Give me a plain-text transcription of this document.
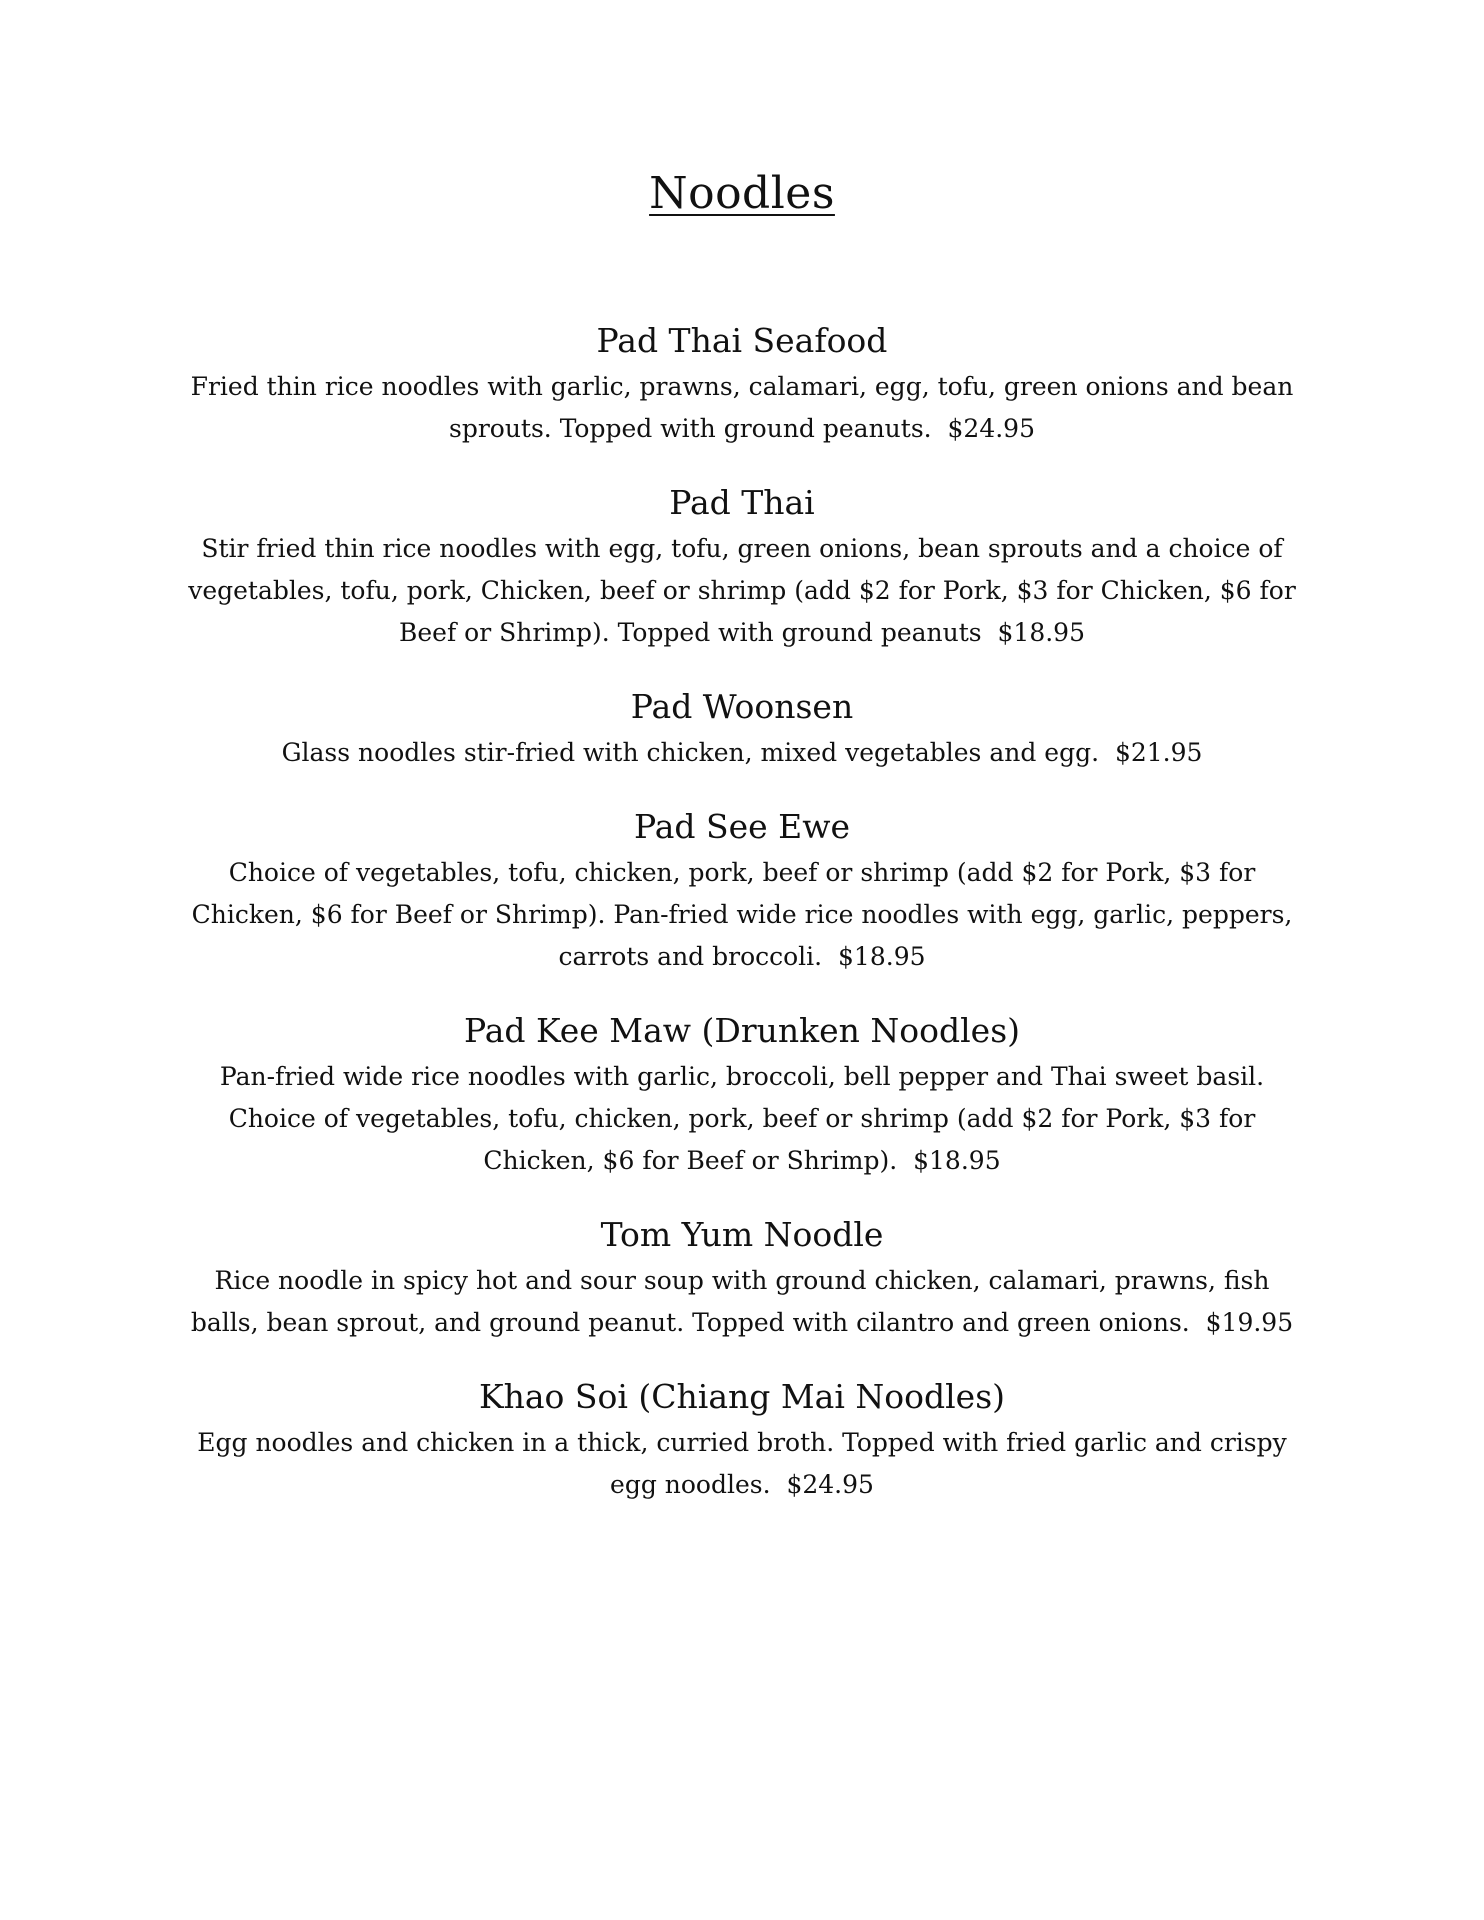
Noodles
Pad Thai Seafood
Fried thin rice noodles with garlic, prawns, calamari, egg, tofu, green onions and bean sprouts. Topped with ground peanuts. $24.95
Pad Thai
Stir fried thin rice noodles with egg, tofu, green onions, bean sprouts and a choice of vegetables, tofu, pork, Chicken, beef or shrimp (add $2 for Pork, $3 for Chicken, $6 for Beef or Shrimp). Topped with ground peanuts $18.95
Pad Woonsen
Glass noodles stir-fried with chicken, mixed vegetables and egg. $21.95
Pad See Ewe
Choice of vegetables, tofu, chicken, pork, beef or shrimp (add $2 for Pork, $3 for Chicken, $6 for Beef or Shrimp). Pan-fried wide rice noodles with egg, garlic, peppers, carrots and broccoli. $18.95
Pad Kee Maw (Drunken Noodles)
Pan-fried wide rice noodles with garlic, broccoli, bell pepper and Thai sweet basil. Choice of vegetables, tofu, chicken, pork, beef or shrimp (add $2 for Pork, $3 for Chicken, $6 for Beef or Shrimp). $18.95
Tom Yum Noodle
Rice noodle in spicy hot and sour soup with ground chicken, calamari, prawns, fish balls, bean sprout, and ground peanut. Topped with cilantro and green onions. $19.95
Khao Soi (Chiang Mai Noodles)
Egg noodles and chicken in a thick, curried broth. Topped with fried garlic and crispy egg noodles. $24.95
